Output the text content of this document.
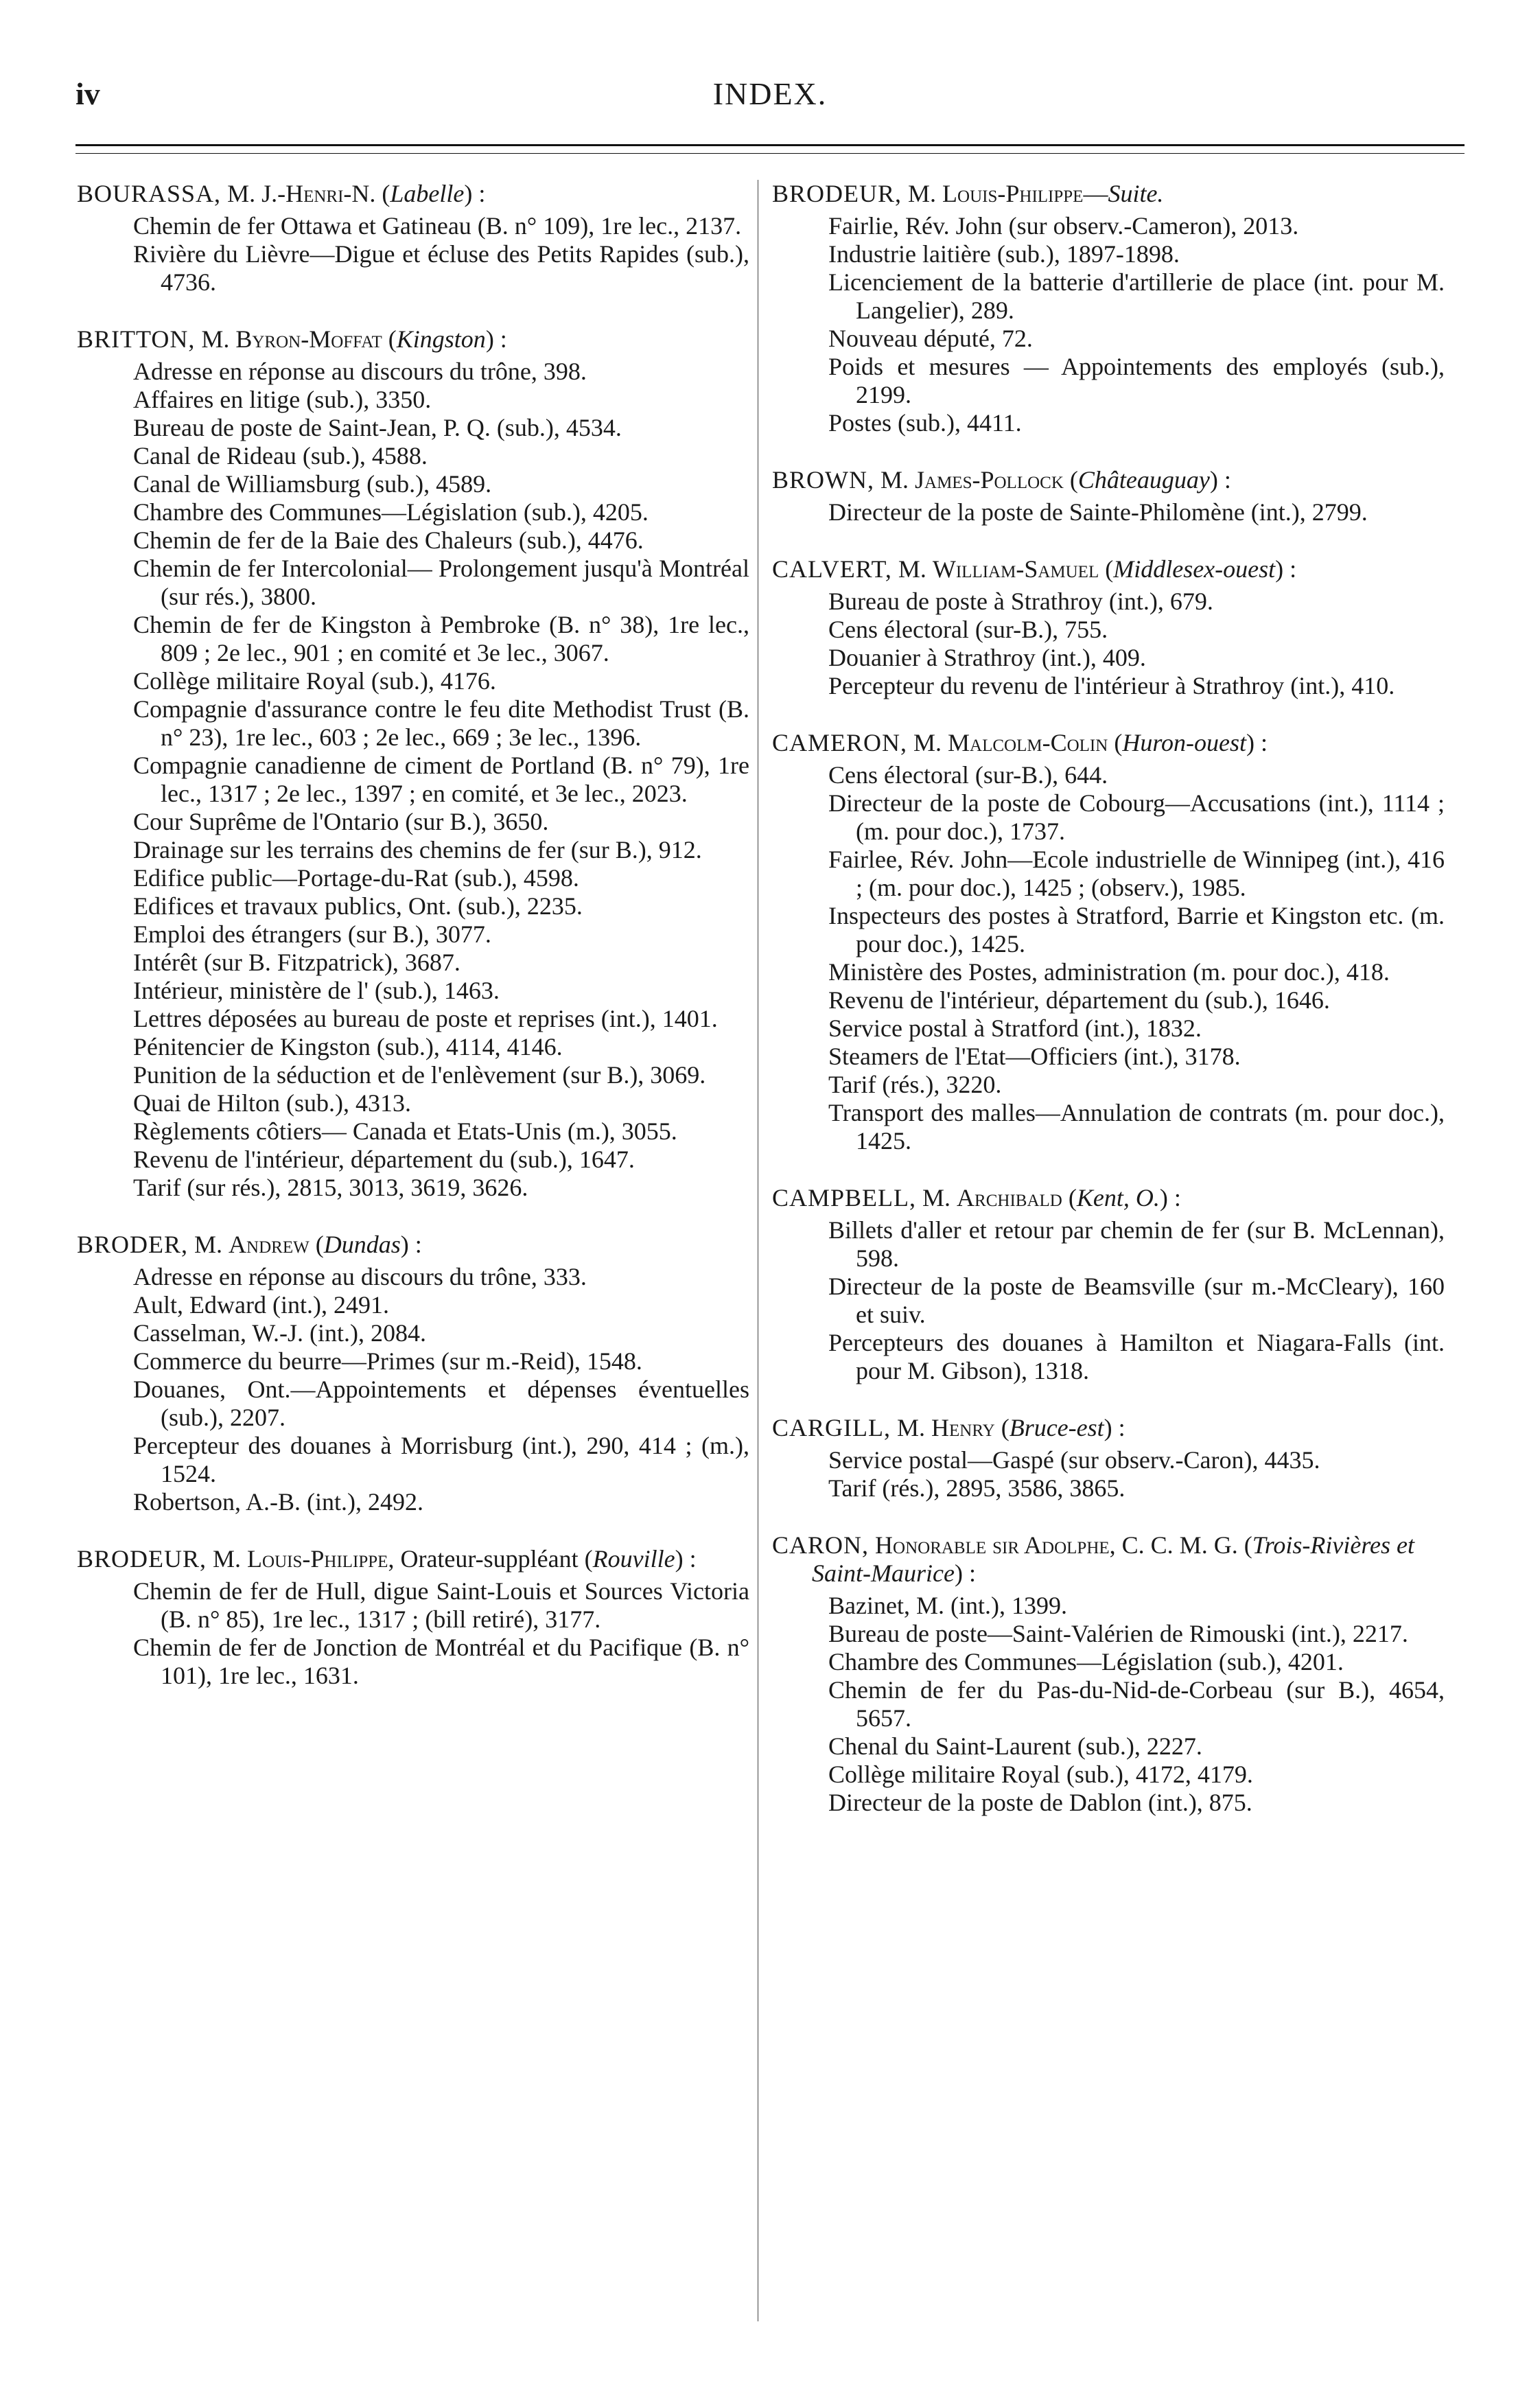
iv	INDEX.

BOURASSA, M. J.-Henri-N. (Labelle) :

Chemin de fer Ottawa et Gatineau (B. n° 109), 1re lec., 2137.
Rivière du Lièvre—Digue et écluse des Petits Rapides (sub.), 4736.

BRITTON, M. Byron-Moffat (Kingston) :

Adresse en réponse au discours du trône, 398.
Affaires en litige (sub.), 3350.
Bureau de poste de Saint-Jean, P. Q. (sub.), 4534.
Canal de Rideau (sub.), 4588.
Canal de Williamsburg (sub.), 4589.
Chambre des Communes—Législation (sub.), 4205.
Chemin de fer de la Baie des Chaleurs (sub.), 4476.
Chemin de fer Intercolonial— Prolongement jusqu'à Montréal (sur rés.), 3800.
Chemin de fer de Kingston à Pembroke (B. n° 38), 1re lec., 809 ; 2e lec., 901 ; en comité et 3e lec., 3067.
Collège militaire Royal (sub.), 4176.
Compagnie d'assurance contre le feu dite Methodist Trust (B. n° 23), 1re lec., 603 ; 2e lec., 669 ; 3e lec., 1396.
Compagnie canadienne de ciment de Portland (B. n° 79), 1re lec., 1317 ; 2e lec., 1397 ; en comité, et 3e lec., 2023.
Cour Suprême de l'Ontario (sur B.), 3650.
Drainage sur les terrains des chemins de fer (sur B.), 912.
Edifice public—Portage-du-Rat (sub.), 4598.
Edifices et travaux publics, Ont. (sub.), 2235.
Emploi des étrangers (sur B.), 3077.
Intérêt (sur B. Fitzpatrick), 3687.
Intérieur, ministère de l' (sub.), 1463.
Lettres déposées au bureau de poste et reprises (int.), 1401.
Pénitencier de Kingston (sub.), 4114, 4146.
Punition de la séduction et de l'enlèvement (sur B.), 3069.
Quai de Hilton (sub.), 4313.
Règlements côtiers— Canada et Etats-Unis (m.), 3055.
Revenu de l'intérieur, département du (sub.), 1647.
Tarif (sur rés.), 2815, 3013, 3619, 3626.

BRODER, M. Andrew (Dundas) :

Adresse en réponse au discours du trône, 333.
Ault, Edward (int.), 2491.
Casselman, W.-J. (int.), 2084.
Commerce du beurre—Primes (sur m.-Reid), 1548.
Douanes, Ont.—Appointements et dépenses éventuelles (sub.), 2207.
Percepteur des douanes à Morrisburg (int.), 290, 414 ; (m.), 1524.
Robertson, A.-B. (int.), 2492.

BRODEUR, M. Louis-Philippe, Orateur-suppléant (Rouville) :

Chemin de fer de Hull, digue Saint-Louis et Sources Victoria (B. n° 85), 1re lec., 1317 ; (bill retiré), 3177.
Chemin de fer de Jonction de Montréal et du Pacifique (B. n° 101), 1re lec., 1631.

BRODEUR, M. Louis-Philippe—Suite.

Fairlie, Rév. John (sur observ.-Cameron), 2013.
Industrie laitière (sub.), 1897-1898.
Licenciement de la batterie d'artillerie de place (int. pour M. Langelier), 289.
Nouveau député, 72.
Poids et mesures — Appointements des employés (sub.), 2199.
Postes (sub.), 4411.

BROWN, M. James-Pollock (Châteauguay) :

Directeur de la poste de Sainte-Philomène (int.), 2799.

CALVERT, M. William-Samuel (Middlesex-ouest) :

Bureau de poste à Strathroy (int.), 679.
Cens électoral (sur-B.), 755.
Douanier à Strathroy (int.), 409.
Percepteur du revenu de l'intérieur à Strathroy (int.), 410.

CAMERON, M. Malcolm-Colin (Huron-ouest) :

Cens électoral (sur-B.), 644.
Directeur de la poste de Cobourg—Accusations (int.), 1114 ; (m. pour doc.), 1737.
Fairlee, Rév. John—Ecole industrielle de Winnipeg (int.), 416 ; (m. pour doc.), 1425 ; (observ.), 1985.
Inspecteurs des postes à Stratford, Barrie et Kingston etc. (m. pour doc.), 1425.
Ministère des Postes, administration (m. pour doc.), 418.
Revenu de l'intérieur, département du (sub.), 1646.
Service postal à Stratford (int.), 1832.
Steamers de l'Etat—Officiers (int.), 3178.
Tarif (rés.), 3220.
Transport des malles—Annulation de contrats (m. pour doc.), 1425.

CAMPBELL, M. Archibald (Kent, O.) :

Billets d'aller et retour par chemin de fer (sur B. McLennan), 598.
Directeur de la poste de Beamsville (sur m.-McCleary), 160 et suiv.
Percepteurs des douanes à Hamilton et Niagara-Falls (int. pour M. Gibson), 1318.

CARGILL, M. Henry (Bruce-est) :

Service postal—Gaspé (sur observ.-Caron), 4435.
Tarif (rés.), 2895, 3586, 3865.

CARON, Honorable sir Adolphe, C. C. M. G. (Trois-Rivières et Saint-Maurice) :

Bazinet, M. (int.), 1399.
Bureau de poste—Saint-Valérien de Rimouski (int.), 2217.
Chambre des Communes—Législation (sub.), 4201.
Chemin de fer du Pas-du-Nid-de-Corbeau (sur B.), 4654, 5657.
Chenal du Saint-Laurent (sub.), 2227.
Collège militaire Royal (sub.), 4172, 4179.
Directeur de la poste de Dablon (int.), 875.
